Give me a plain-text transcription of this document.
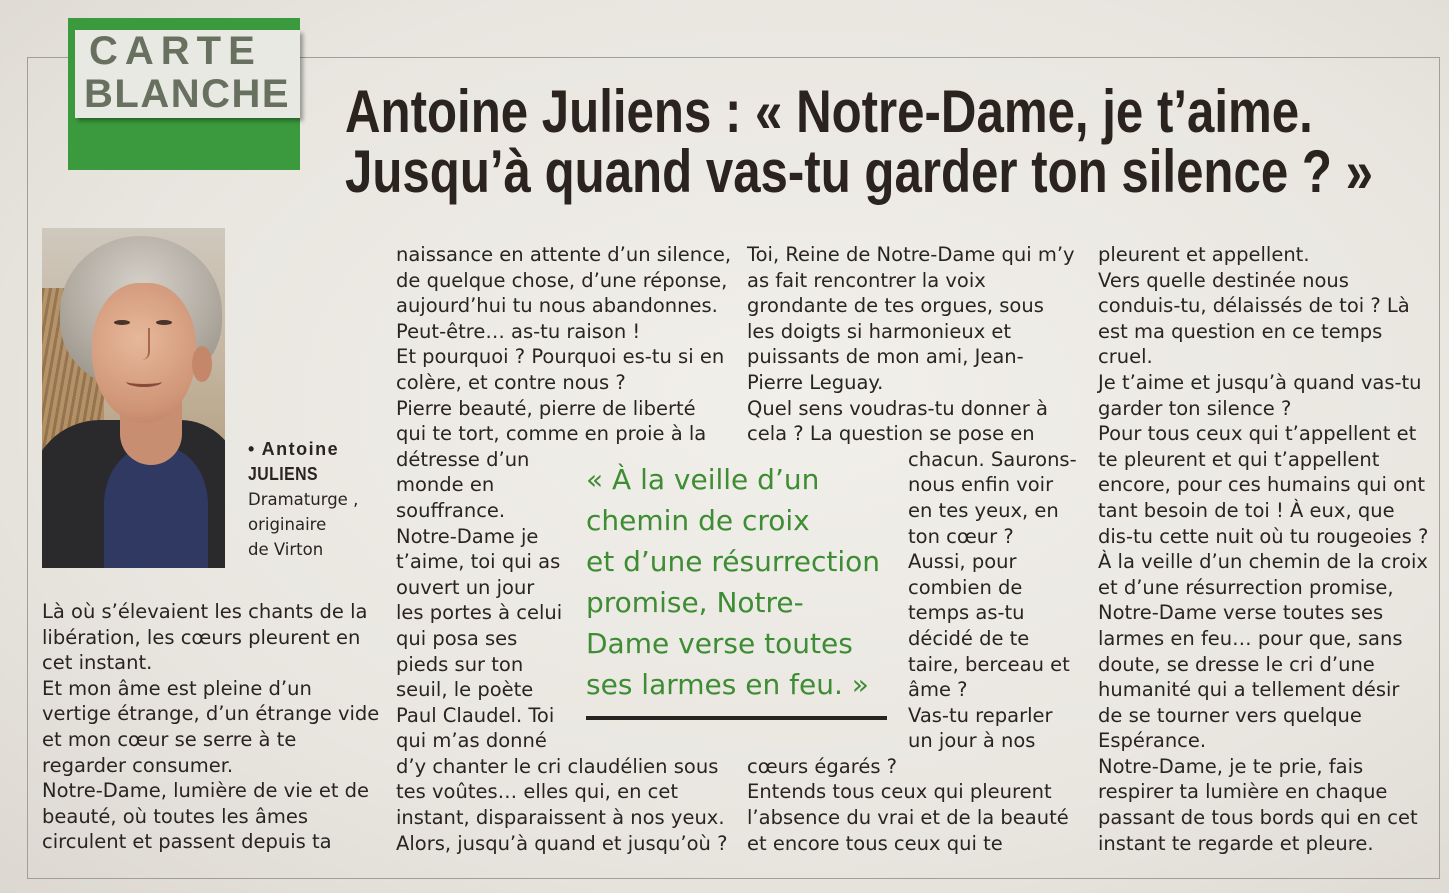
CARTE
BLANCHE Antoine Juliens : « Notre-Dame, je t’aime.
Jusqu’à quand vas-tu garder ton silence ? »
• Antoine
JULIENS
Dramaturge ,
originaire
de Virton
Là où s’élevaient les chants de la
libération, les cœurs pleurent en
cet instant.
Et mon âme est pleine d’un
vertige étrange, d’un étrange vide
et mon cœur se serre à te
regarder consumer.
Notre-Dame, lumière de vie et de
beauté, où toutes les âmes
circulent et passent depuis ta
naissance en attente d’un silence,
de quelque chose, d’une réponse,
aujourd’hui tu nous abandonnes.
Peut-être… as-tu raison !
Et pourquoi ? Pourquoi es-tu si en
colère, et contre nous ?
Pierre beauté, pierre de liberté
qui te tort, comme en proie à la
détresse d’un
monde en
souffrance.
Notre-Dame je
t’aime, toi qui as
ouvert un jour
les portes à celui
qui posa ses
pieds sur ton
seuil, le poète
Paul Claudel. Toi
qui m’as donné
d’y chanter le cri claudélien sous
tes voûtes… elles qui, en cet
instant, disparaissent à nos yeux.
Alors, jusqu’à quand et jusqu’où ?
Toi, Reine de Notre-Dame qui m’y
as fait rencontrer la voix
grondante de tes orgues, sous
les doigts si harmonieux et
puissants de mon ami, Jean-
Pierre Leguay.
Quel sens voudras-tu donner à
cela ? La question se pose en
chacun. Saurons-
nous enfin voir
en tes yeux, en
ton cœur ?
Aussi, pour
combien de
temps as-tu
décidé de te
taire, berceau et
âme ?
Vas-tu reparler
un jour à nos
cœurs égarés ?
Entends tous ceux qui pleurent
l’absence du vrai et de la beauté
et encore tous ceux qui te
pleurent et appellent.
Vers quelle destinée nous
conduis-tu, délaissés de toi ? Là
est ma question en ce temps
cruel.
Je t’aime et jusqu’à quand vas-tu
garder ton silence ?
Pour tous ceux qui t’appellent et
te pleurent et qui t’appellent
encore, pour ces humains qui ont
tant besoin de toi ! À eux, que
dis-tu cette nuit où tu rougeoies ?
À la veille d’un chemin de la croix
et d’une résurrection promise,
Notre-Dame verse toutes ses
larmes en feu… pour que, sans
doute, se dresse le cri d’une
humanité qui a tellement désir
de se tourner vers quelque
Espérance.
Notre-Dame, je te prie, fais
respirer ta lumière en chaque
passant de tous bords qui en cet
instant te regarde et pleure.
« À la veille d’un
chemin de croix
et d’une résurrection
promise, Notre-
Dame verse toutes
ses larmes en feu. »
